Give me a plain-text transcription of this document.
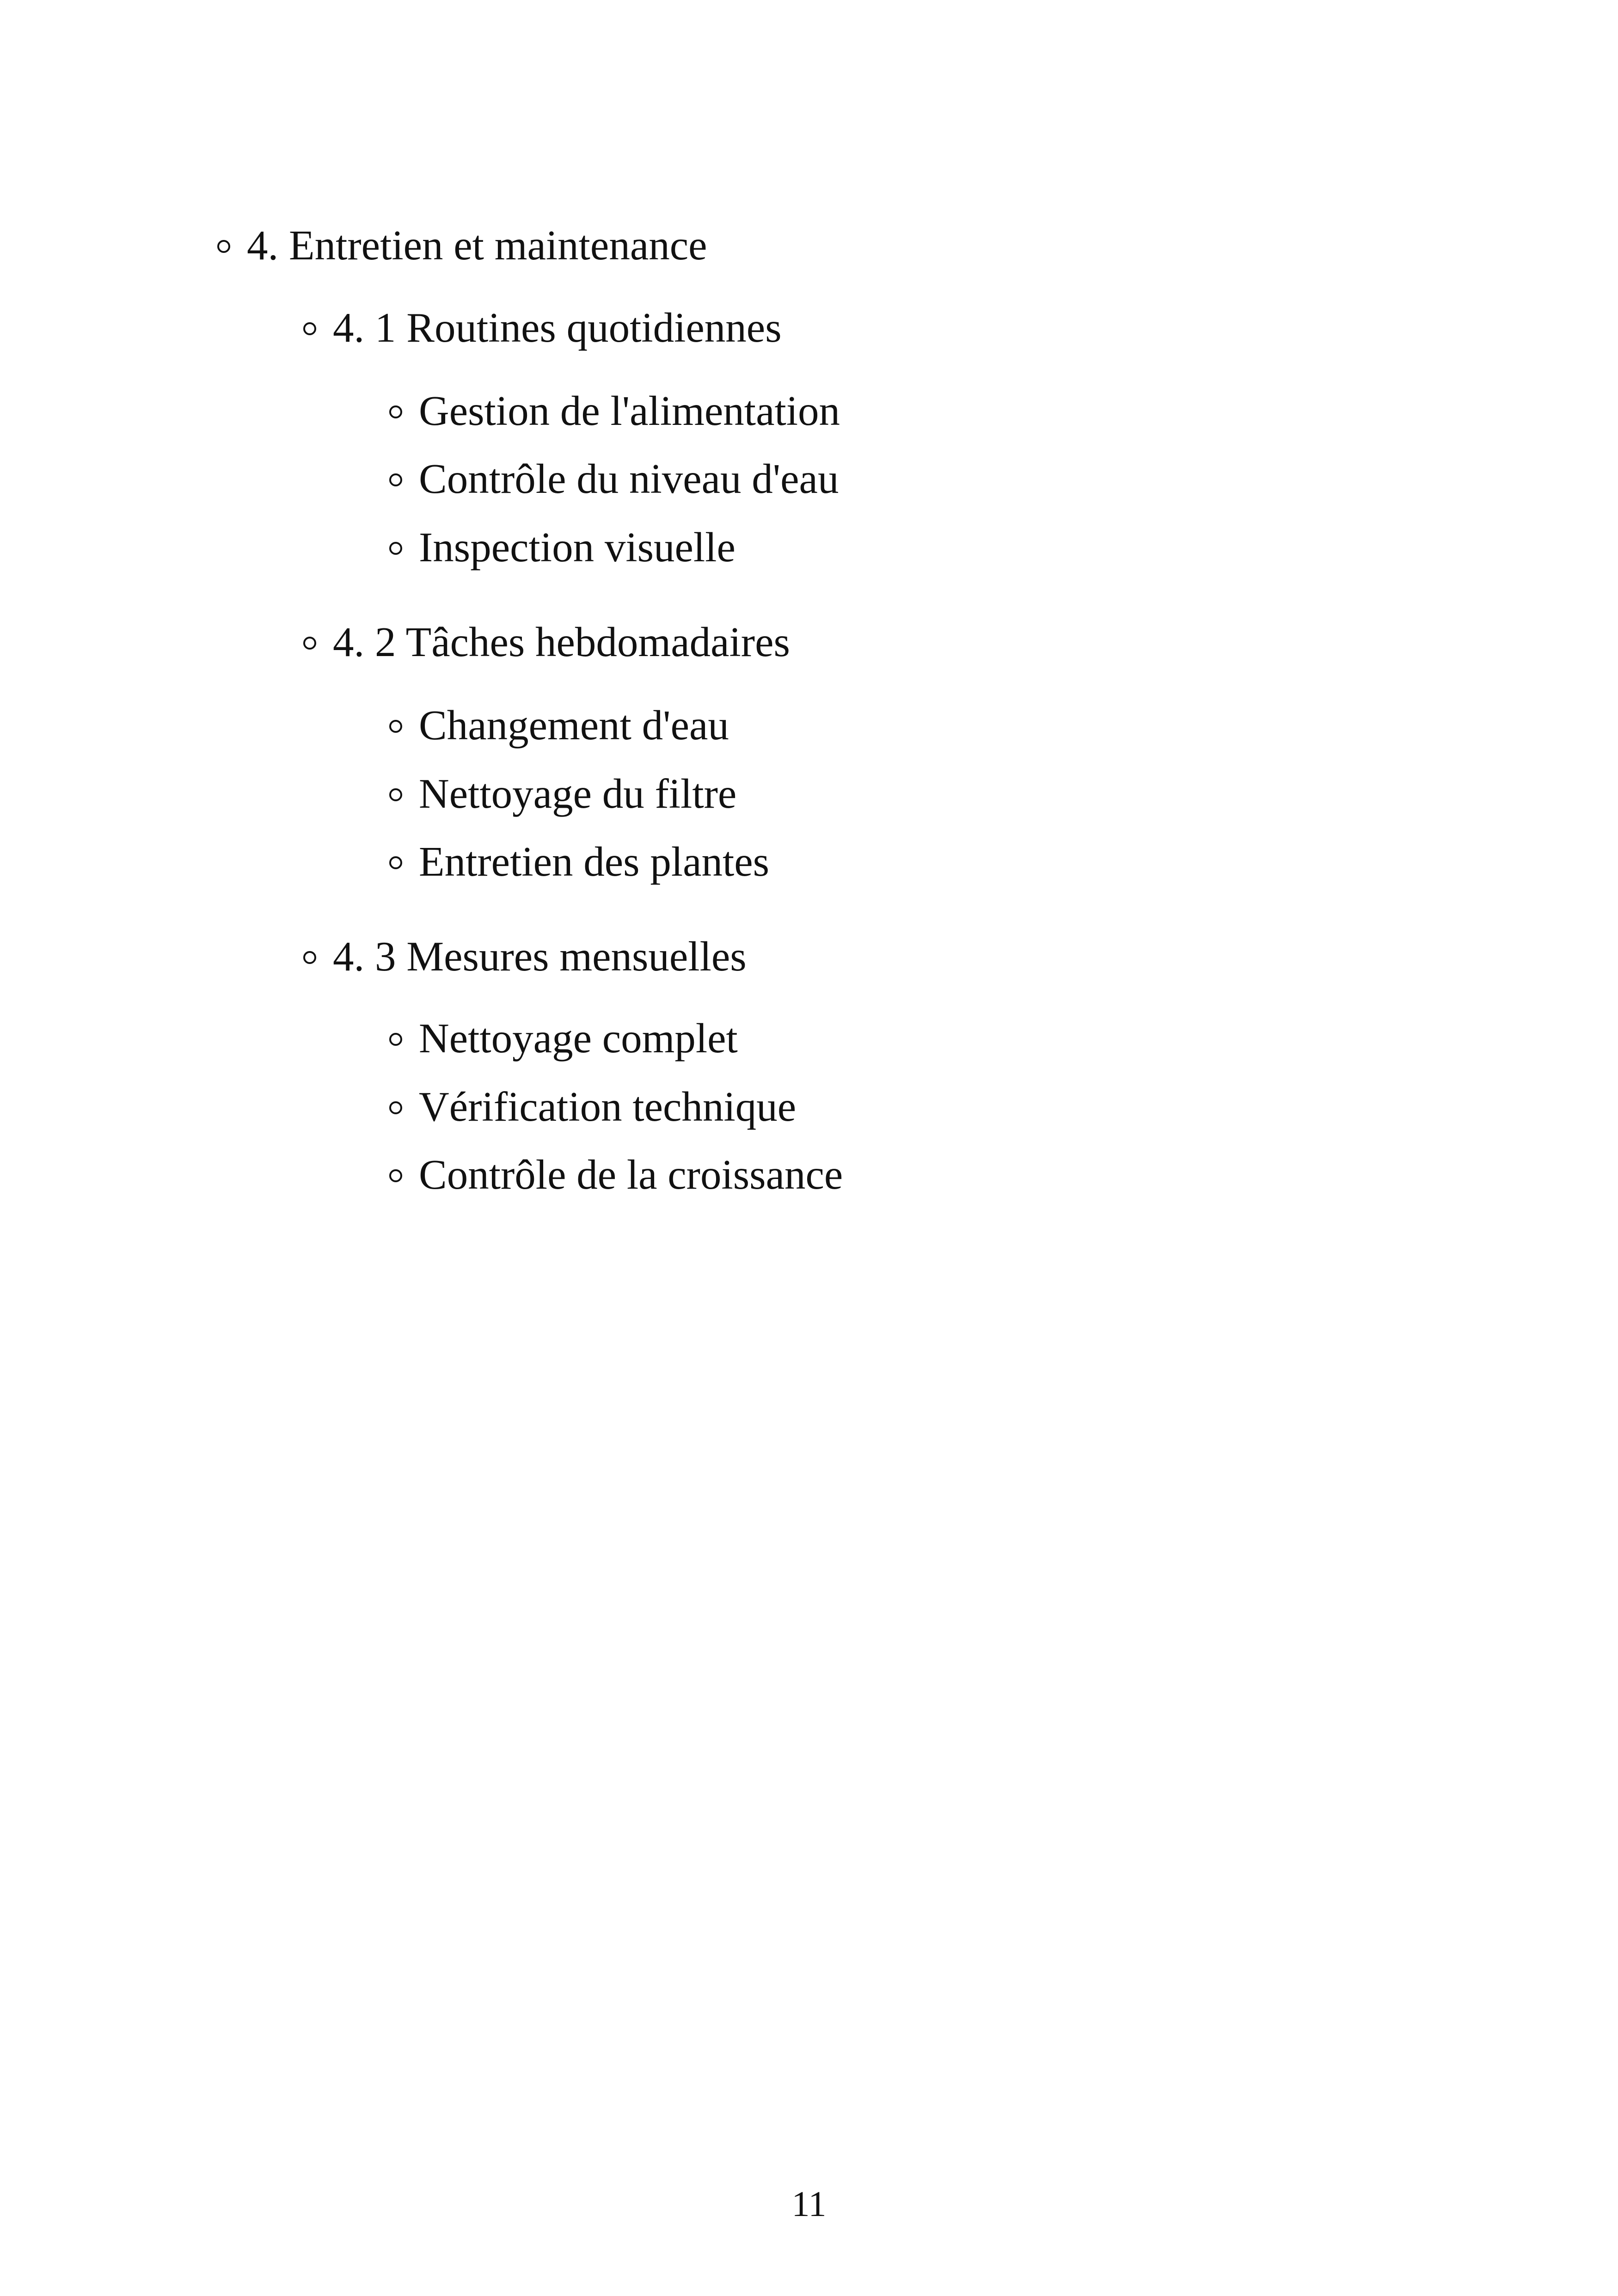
4. Entretien et maintenance
4. 1 Routines quotidiennes
Gestion de l'alimentation
Contrôle du niveau d'eau
Inspection visuelle
4. 2 Tâches hebdomadaires
Changement d'eau
Nettoyage du filtre
Entretien des plantes
4. 3 Mesures mensuelles
Nettoyage complet
Vérification technique
Contrôle de la croissance
11
